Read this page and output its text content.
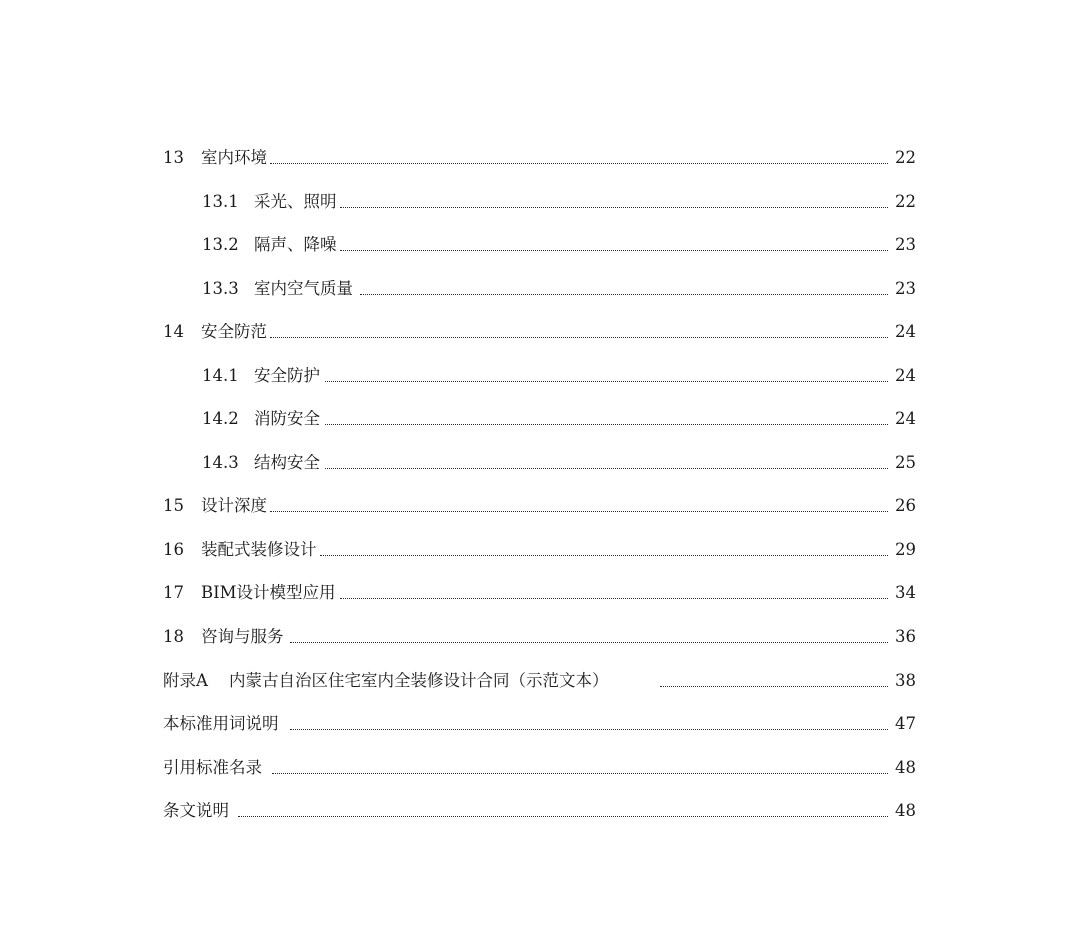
13 室内环境	22
13.1 采光、照明	22
13.2 隔声、降噪	23
13.3 室内空气质量	23
14 安全防范	24
14.1 安全防护	24
14.2 消防安全	24
14.3 结构安全	25
15 设计深度	26
16 装配式装修设计	29
17 BIM设计模型应用	34
18 咨询与服务	36
附录A 内蒙古自治区住宅室内全装修设计合同（示范文本）	38
本标准用词说明	47
引用标准名录	48
条文说明	48
